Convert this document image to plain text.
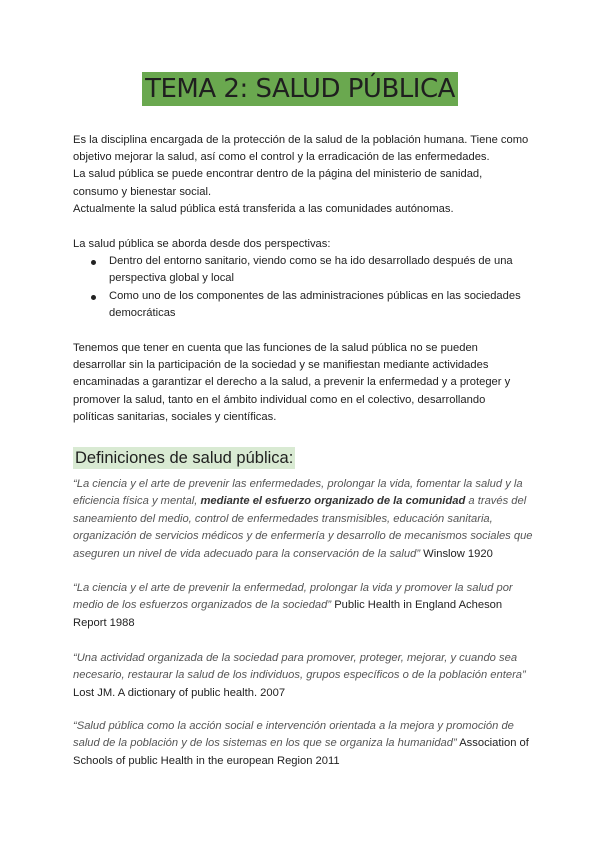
TEMA 2: SALUD PÚBLICA
Es la disciplina encargada de la protección de la salud de la población humana. Tiene como
objetivo mejorar la salud, así como el control y la erradicación de las enfermedades.
La salud pública se puede encontrar dentro de la página del ministerio de sanidad,
consumo y bienestar social.
Actualmente la salud pública está transferida a las comunidades autónomas.
La salud pública se aborda desde dos perspectivas:
Dentro del entorno sanitario, viendo como se ha ido desarrollado después de una
perspectiva global y local
Como uno de los componentes de las administraciones públicas en las sociedades
democráticas
Tenemos que tener en cuenta que las funciones de la salud pública no se pueden
desarrollar sin la participación de la sociedad y se manifiestan mediante actividades
encaminadas a garantizar el derecho a la salud, a prevenir la enfermedad y a proteger y
promover la salud, tanto en el ámbito individual como en el colectivo, desarrollando
políticas sanitarias, sociales y científicas.
Definiciones de salud pública:
“La ciencia y el arte de prevenir las enfermedades, prolongar la vida, fomentar la salud y la
eficiencia física y mental, mediante el esfuerzo organizado de la comunidad a través del
saneamiento del medio, control de enfermedades transmisibles, educación sanitaria,
organización de servicios médicos y de enfermería y desarrollo de mecanismos sociales que
aseguren un nivel de vida adecuado para la conservación de la salud” Winslow 1920
“La ciencia y el arte de prevenir la enfermedad, prolongar la vida y promover la salud por
medio de los esfuerzos organizados de la sociedad” Public Health in England Acheson
Report 1988
“Una actividad organizada de la sociedad para promover, proteger, mejorar, y cuando sea
necesario, restaurar la salud de los individuos, grupos específicos o de la población entera”
Lost JM. A dictionary of public health. 2007
“Salud pública como la acción social e intervención orientada a la mejora y promoción de
salud de la población y de los sistemas en los que se organiza la humanidad” Association of
Schools of public Health in the european Region 2011
